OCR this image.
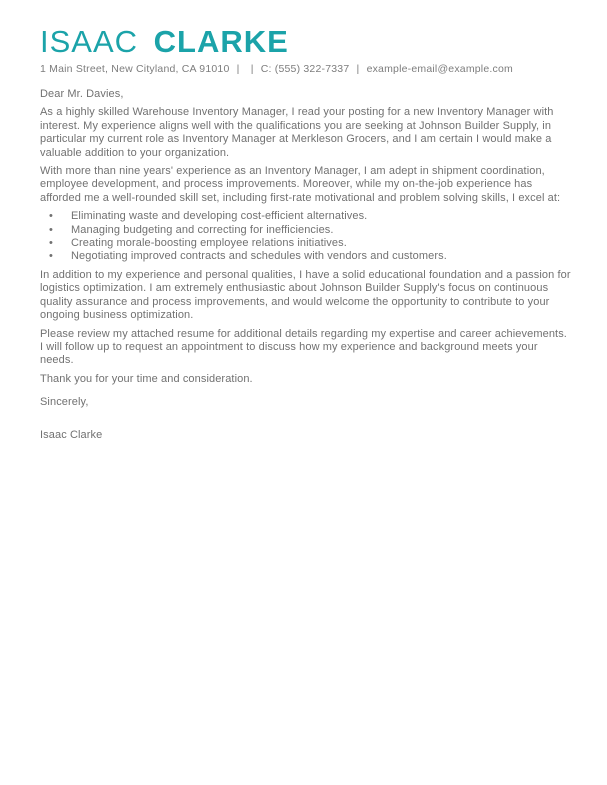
ISAAC CLARKE
1 Main Street, New Cityland, CA 91010 | | C: (555) 322-7337 | example-email@example.com

Dear Mr. Davies,

As a highly skilled Warehouse Inventory Manager, I read your posting for a new Inventory Manager with interest. My experience aligns well with the qualifications you are seeking at Johnson Builder Supply, in particular my current role as Inventory Manager at Merkleson Grocers, and I am certain I would make a valuable addition to your organization.

With more than nine years' experience as an Inventory Manager, I am adept in shipment coordination, employee development, and process improvements. Moreover, while my on-the-job experience has afforded me a well-rounded skill set, including first-rate motivational and problem solving skills, I excel at:

• Eliminating waste and developing cost-efficient alternatives.
• Managing budgeting and correcting for inefficiencies.
• Creating morale-boosting employee relations initiatives.
• Negotiating improved contracts and schedules with vendors and customers.

In addition to my experience and personal qualities, I have a solid educational foundation and a passion for logistics optimization. I am extremely enthusiastic about Johnson Builder Supply's focus on continuous quality assurance and process improvements, and would welcome the opportunity to contribute to your ongoing business optimization.

Please review my attached resume for additional details regarding my expertise and career achievements. I will follow up to request an appointment to discuss how my experience and background meets your needs.

Thank you for your time and consideration.

Sincerely,

Isaac Clarke
